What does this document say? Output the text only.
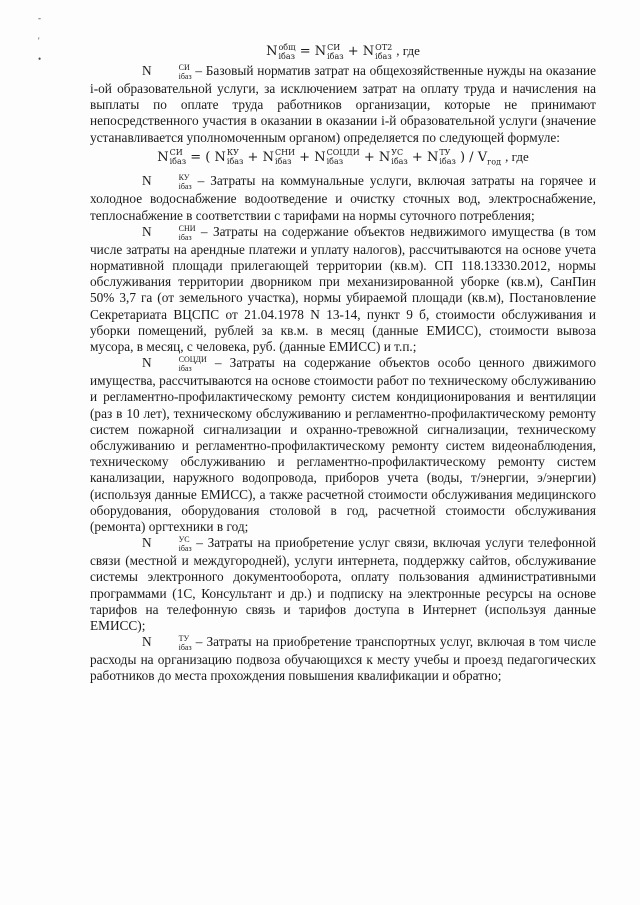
-
'
•	N общ
iбаз = N СИ
iбаз + N ОТ2
iбаз , где

N	СИ
iбаз – Базовый норматив затрат на общехозяйственные нужды на оказание i-ой образовательной услуги, за исключением затрат на оплату труда и начисления на выплаты по оплате труда работников организации, которые не принимают непосредственного участия в оказании в оказании i-й образовательной услуги (значение устанавливается уполномоченным органом) определяется по следующей формуле:

N СИ
iбаз = ( N КУ
iбаз + N СНИ
iбаз + N СОЦДИ
iбаз	+ N УС
iбаз + N ТУ
iбаз ) / $V_{год}$ , где

N	КУ
iбаз – Затраты на коммунальные услуги, включая затраты на горячее и холодное водоснабжение водоотведение и очистку сточных вод, электроснабжение, теплоснабжение в соответствии с тарифами на нормы суточного потребления;

N	СНИ
iбаз – Затраты на содержание объектов недвижимого имущества (в том числе затраты на арендные платежи и уплату налогов), рассчитываются на основе учета нормативной площади прилегающей территории (кв.м). СП 118.13330.2012, нормы обслуживания территории дворником при механизированной уборке (кв.м), СанПин 50% 3,7 га (от земельного участка), нормы убираемой площади (кв.м), Постановление Секретариата ВЦСПС от 21.04.1978 N 13-14, пункт 9 б, стоимости обслуживания и уборки помещений, рублей за кв.м. в месяц (данные ЕМИСС), стоимости вывоза мусора, в месяц, с человека, руб. (данные ЕМИСС) и т.п.;

N	СОЦДИ
iбаз	– Затраты на содержание объектов особо ценного движимого имущества, рассчитываются на основе стоимости работ по техническому обслуживанию и регламентно-профилактическому ремонту систем кондиционирования и вентиляции (раз в 10 лет), техническому обслуживанию и регламентно-профилактическому ремонту систем пожарной сигнализации и охранно-тревожной сигнализации, техническому обслуживанию и регламентно-профилактическому ремонту систем видеонаблюдения, техническому обслуживанию и регламентно-профилактическому ремонту систем канализации, наружного водопровода, приборов учета (воды, т/энергии, э/энергии) (используя данные ЕМИСС), а также расчетной стоимости обслуживания медицинского оборудования, оборудования столовой в год, расчетной стоимости обслуживания (ремонта) оргтехники в год;

N	УС
iбаз – Затраты на приобретение услуг связи, включая услуги телефонной связи (местной и междугородней), услуги интернета, поддержку сайтов, обслуживание системы электронного документооборота, оплату пользования административными программами (1С, Консультант и др.) и подписку на электронные ресурсы на основе тарифов на телефонную связь и тарифов доступа в Интернет (используя данные ЕМИСС);

N	ТУ
iбаз – Затраты на приобретение транспортных услуг, включая в том числе расходы на организацию подвоза обучающихся к месту учебы и проезд педагогических работников до места прохождения повышения квалификации и обратно;
